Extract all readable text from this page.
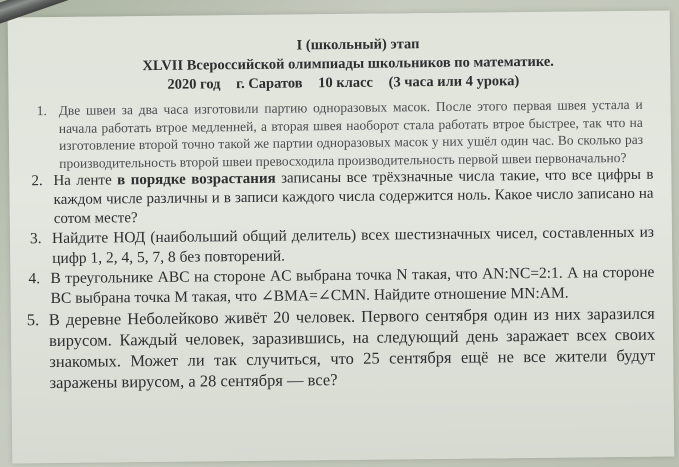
I (школьный) этап
XLVII Всероссийской олимпиады школьников по математике.
2020 год г. Саратов 10 класс (3 часа или 4 урока)
1. Две швеи за два часа изготовили партию одноразовых масок. После этого первая швея устала и начала работать втрое медленней, а вторая швея наоборот стала работать втрое быстрее, так что на изготовление второй точно такой же партии одноразовых масок у них ушёл один час. Во сколько раз производительность второй швеи превосходила производительность первой швеи первоначально?
2. На ленте в порядке возрастания записаны все трёхзначные числа такие, что все цифры в каждом числе различны и в записи каждого числа содержится ноль. Какое число записано на сотом месте?
3. Найдите НОД (наибольший общий делитель) всех шестизначных чисел, составленных из цифр 1, 2, 4, 5, 7, 8 без повторений.
4. В треугольнике ABC на стороне AC выбрана точка N такая, что AN:NC=2:1. А на стороне BC выбрана точка M такая, что ∠BMA=∠CMN. Найдите отношение MN:AM.
5. В деревне Неболейково живёт 20 человек. Первого сентября один из них заразился вирусом. Каждый человек, заразившись, на следующий день заражает всех своих знакомых. Может ли так случиться, что 25 сентября ещё не все жители будут заражены вирусом, а 28 сентября — все?
